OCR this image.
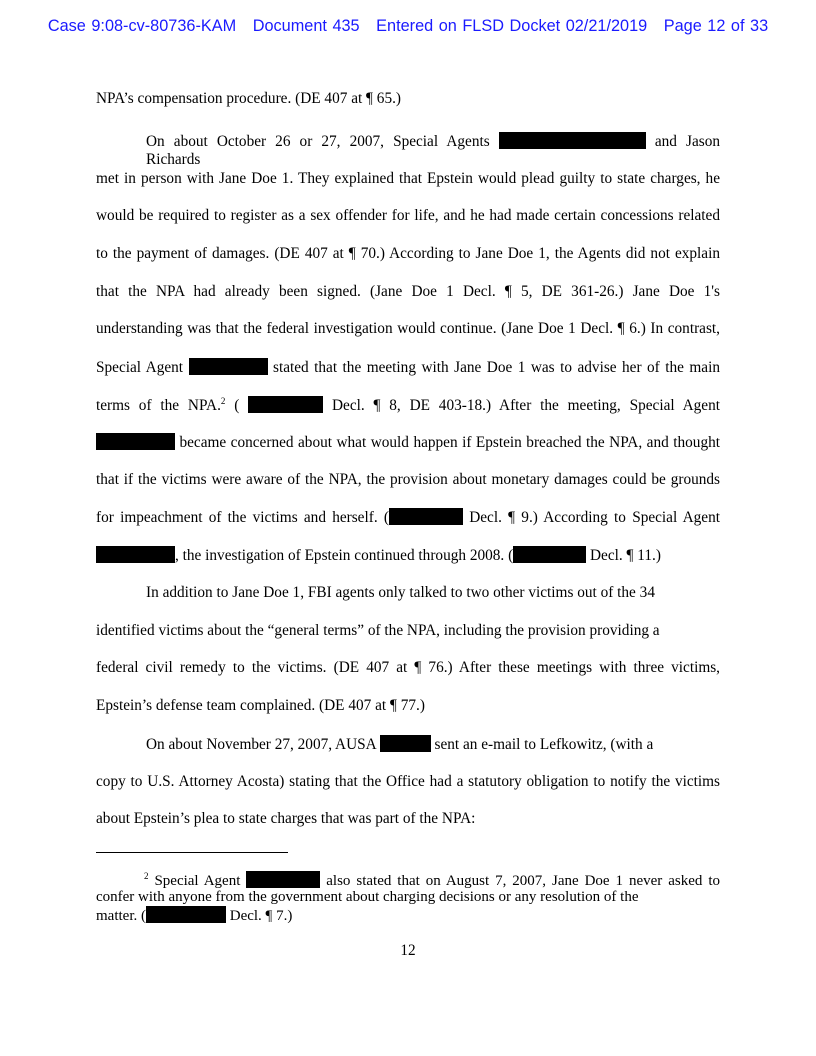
Case 9:08-cv-80736-KAM   Document 435   Entered on FLSD Docket 02/21/2019   Page 12 of 33
NPA’s compensation procedure. (DE 407 at ¶ 65.)
On about October 26 or 27, 2007, Special Agents	and Jason Richards
met in person with Jane Doe 1. They explained that Epstein would plead guilty to state charges, he
would be required to register as a sex offender for life, and he had made certain concessions related
to the payment of damages. (DE 407 at ¶ 70.) According to Jane Doe 1, the Agents did not explain
that the NPA had already been signed. (Jane Doe 1 Decl. ¶ 5, DE 361-26.) Jane Doe 1's
understanding was that the federal investigation would continue. (Jane Doe 1 Decl. ¶ 6.) In contrast,
Special Agent	stated that the meeting with Jane Doe 1 was to advise her of the main
terms of the NPA.$^2$ (	Decl. ¶ 8, DE 403-18.) After the meeting, Special Agent
became concerned about what would happen if Epstein breached the NPA, and thought
that if the victims were aware of the NPA, the provision about monetary damages could be grounds
for impeachment of the victims and herself. (	Decl. ¶ 9.) According to Special Agent
, the investigation of Epstein continued through 2008. (	Decl. ¶ 11.)
In addition to Jane Doe 1, FBI agents only talked to two other victims out of the 34
identified victims about the “general terms” of the NPA, including the provision providing a
federal civil remedy to the victims. (DE 407 at ¶ 76.) After these meetings with three victims,
Epstein’s defense team complained. (DE 407 at ¶ 77.)
On about November 27, 2007, AUSA	sent an e-mail to Lefkowitz, (with a
copy to U.S. Attorney Acosta) stating that the Office had a statutory obligation to notify the victims
about Epstein’s plea to state charges that was part of the NPA:
$^2$ Special Agent	also stated that on August 7, 2007, Jane Doe 1 never asked to
confer with anyone from the government about charging decisions or any resolution of the
matter. (	Decl. ¶ 7.)
12
